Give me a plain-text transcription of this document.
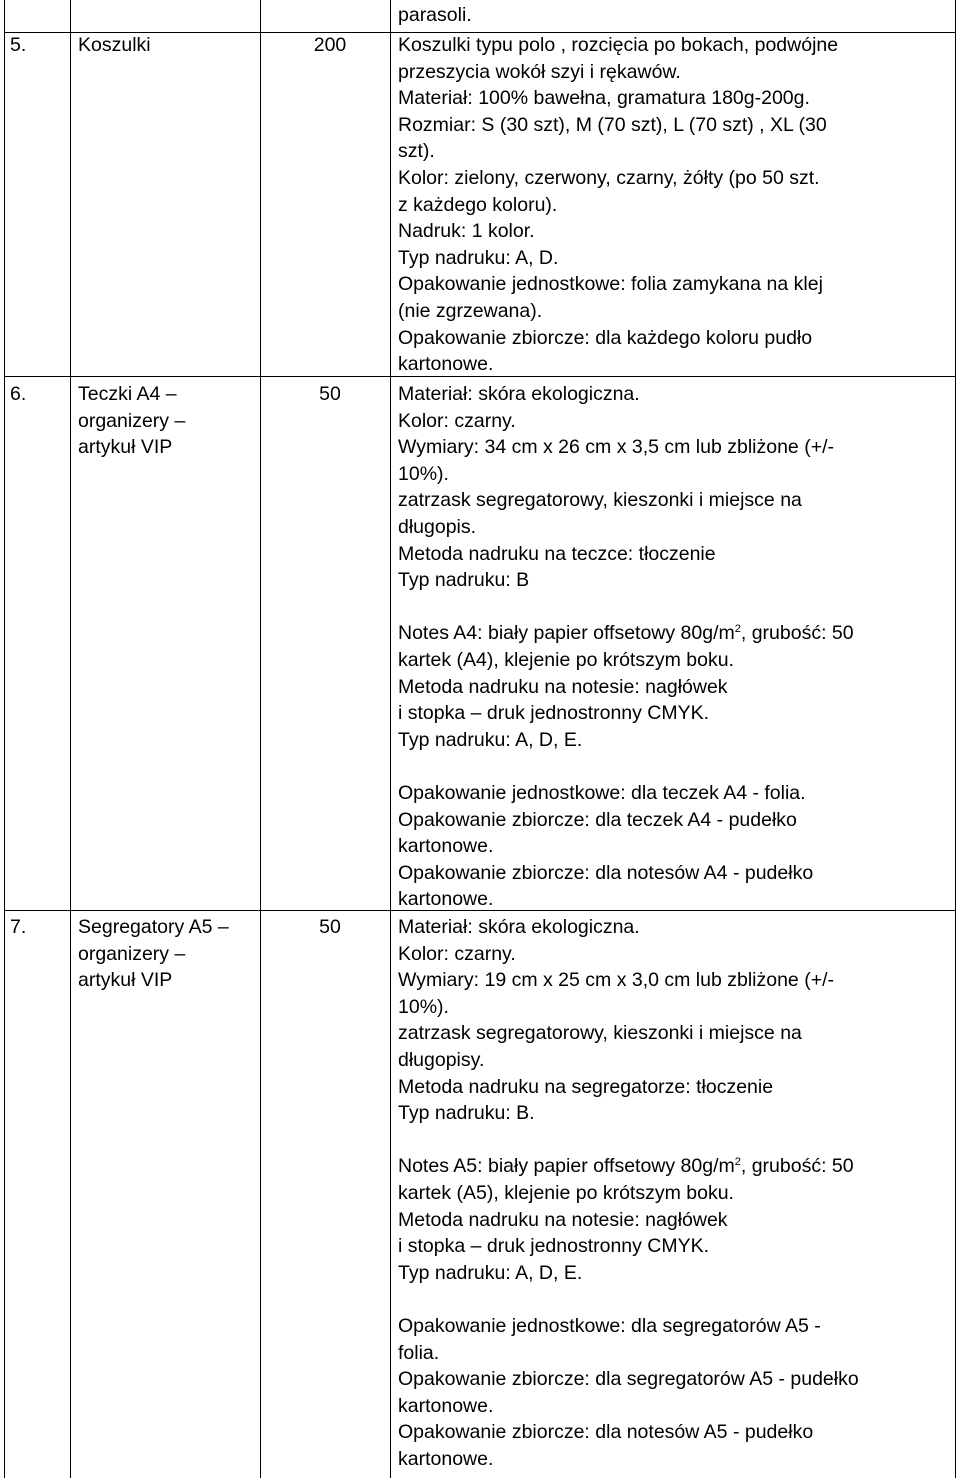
parasoli.
5.	Koszulki	200	Koszulki typu polo , rozcięcia po bokach, podwójne
przeszycia wokół szyi i rękawów.
Materiał: 100% bawełna, gramatura 180g-200g.
Rozmiar: S (30 szt), M (70 szt), L (70 szt) , XL (30
szt).
Kolor: zielony, czerwony, czarny, żółty (po 50 szt.
z każdego koloru).
Nadruk: 1 kolor.
Typ nadruku: A, D.
Opakowanie jednostkowe: folia zamykana na klej
(nie zgrzewana).
Opakowanie zbiorcze: dla każdego koloru pudło
kartonowe.
6.	Teczki A4 –
organizery –
artykuł VIP
50	Materiał: skóra ekologiczna.
Kolor: czarny.
Wymiary: 34 cm x 26 cm x 3,5 cm lub zbliżone (+/-
10%).
zatrzask segregatorowy, kieszonki i miejsce na
długopis.
Metoda nadruku na teczce: tłoczenie
Typ nadruku: B
Notes A4: biały papier offsetowy $80g/m^2$, grubość: 50
kartek (A4), klejenie po krótszym boku.
Metoda nadruku na notesie: nagłówek
i stopka – druk jednostronny CMYK.
Typ nadruku: A, D, E.
Opakowanie jednostkowe: dla teczek A4 - folia.
Opakowanie zbiorcze: dla teczek A4 - pudełko
kartonowe.
Opakowanie zbiorcze: dla notesów A4 - pudełko
kartonowe.
7.	Segregatory A5 –
organizery –
artykuł VIP
50	Materiał: skóra ekologiczna.
Kolor: czarny.
Wymiary: 19 cm x 25 cm x 3,0 cm lub zbliżone (+/-
10%).
zatrzask segregatorowy, kieszonki i miejsce na
długopisy.
Metoda nadruku na segregatorze: tłoczenie
Typ nadruku: B.
Notes A5: biały papier offsetowy $80g/m^2$, grubość: 50
kartek (A5), klejenie po krótszym boku.
Metoda nadruku na notesie: nagłówek
i stopka – druk jednostronny CMYK.
Typ nadruku: A, D, E.
Opakowanie jednostkowe: dla segregatorów A5 -
folia.
Opakowanie zbiorcze: dla segregatorów A5 - pudełko
kartonowe.
Opakowanie zbiorcze: dla notesów A5 - pudełko
kartonowe.
